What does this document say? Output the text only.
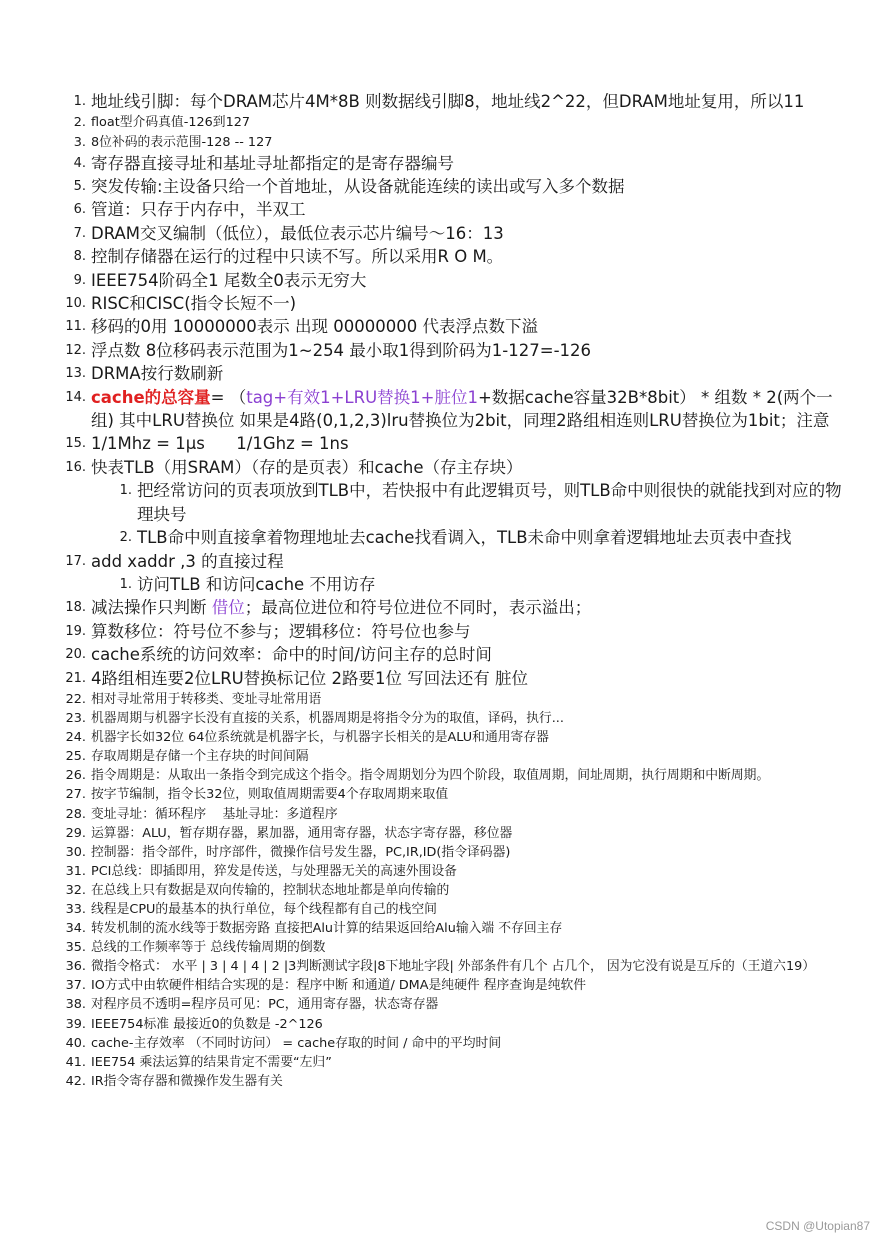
1. 地址线引脚：每个DRAM芯片4M*8B 则数据线引脚8，地址线2^22，但DRAM地址复用，所以11
2. float型介码真值-126到127
3. 8位补码的表示范围-128 -- 127
4. 寄存器直接寻址和基址寻址都指定的是寄存器编号
5. 突发传输:主设备只给一个首地址，从设备就能连续的读出或写入多个数据
6. 管道：只存于内存中，半双工
7. DRAM交叉编制（低位），最低位表示芯片编号～16：13
8. 控制存储器在运行的过程中只读不写。所以采用R O M。
9. IEEE754阶码全1 尾数全0表示无穷大
10. RISC和CISC(指令长短不一)
11. 移码的0用 10000000表示 出现 00000000 代表浮点数下溢
12. 浮点数 8位移码表示范围为1~254 最小取1得到阶码为1-127=-126
13. DRMA按行数刷新
14. cache的总容量= （tag+有效1+LRU替换1+脏位1+数据cache容量32B*8bit） * 组数 * 2(两个一组) 其中LRU替换位 如果是4路(0,1,2,3)lru替换位为2bit，同理2路组相连则LRU替换位为1bit；注意
15. 1/1Mhz = 1μs      1/1Ghz = 1ns
16. 快表TLB（用SRAM）（存的是页表）和cache（存主存块）
1. 把经常访问的页表项放到TLB中，若快报中有此逻辑页号，则TLB命中则很快的就能找到对应的物理块号
2. TLB命中则直接拿着物理地址去cache找看调入，TLB未命中则拿着逻辑地址去页表中查找
17. add xaddr ,3 的直接过程
1. 访问TLB 和访问cache 不用访存
18. 减法操作只判断 借位；最高位进位和符号位进位不同时，表示溢出；
19. 算数移位：符号位不参与；逻辑移位：符号位也参与
20. cache系统的访问效率：命中的时间/访问主存的总时间
21. 4路组相连要2位LRU替换标记位 2路要1位 写回法还有 脏位
22. 相对寻址常用于转移类、变址寻址常用语
23. 机器周期与机器字长没有直接的关系，机器周期是将指令分为的取值，译码，执行...
24. 机器字长如32位 64位系统就是机器字长，与机器字长相关的是ALU和通用寄存器
25. 存取周期是存储一个主存块的时间间隔
26. 指令周期是：从取出一条指令到完成这个指令。指令周期划分为四个阶段，取值周期，间址周期，执行周期和中断周期。
27. 按字节编制，指令长32位，则取值周期需要4个存取周期来取值
28. 变址寻址：循环程序    基址寻址：多道程序
29. 运算器：ALU，暂存期存器，累加器，通用寄存器，状态字寄存器，移位器
30. 控制器：指令部件，时序部件，微操作信号发生器，PC,IR,ID(指令译码器)
31. PCI总线：即插即用，猝发是传送，与处理器无关的高速外围设备
32. 在总线上只有数据是双向传输的，控制状态地址都是单向传输的
33. 线程是CPU的最基本的执行单位，每个线程都有自己的栈空间
34. 转发机制的流水线等于数据旁路 直接把Alu计算的结果返回给Alu输入端 不存回主存
35. 总线的工作频率等于 总线传输周期的倒数
36. 微指令格式： 水平 | 3 | 4 | 4 | 2 |3判断测试字段|8下地址字段| 外部条件有几个 占几个， 因为它没有说是互斥的（王道六19）
37. IO方式中由软硬件相结合实现的是：程序中断 和通道/ DMA是纯硬件 程序查询是纯软件
38. 对程序员不透明=程序员可见：PC，通用寄存器，状态寄存器
39. IEEE754标准 最接近0的负数是 -2^126
40. cache-主存效率 （不同时访问） = cache存取的时间 / 命中的平均时间
41. IEE754 乘法运算的结果肯定不需要“左归”
42. IR指令寄存器和微操作发生器有关
CSDN @Utopian87
